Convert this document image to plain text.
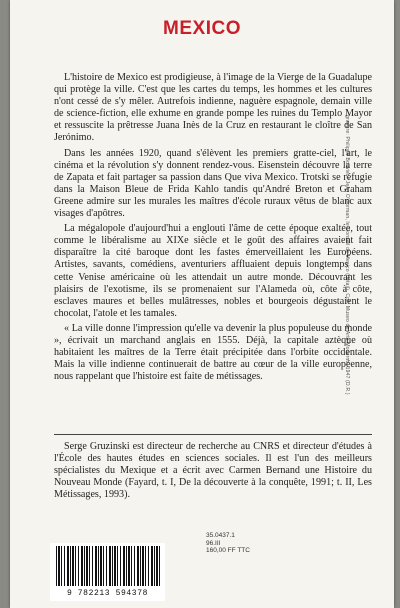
MEXICO
gravure: Philippe Bouvier / Jean O'Gorman, le Conseil de Mexico (détail), Coll. Museo de Arte Moderno, 1947 (D.R.)

L'histoire de Mexico est prodigieuse, à l'image de la Vierge de la Guadalupe qui protège la ville. C'est que les cartes du temps, les hommes et les cultures n'ont cessé de s'y mêler. Autrefois indienne, naguère espagnole, demain ville de science-fiction, elle exhume en grande pompe les ruines du Templo Mayor et ressuscite la prêtresse Juana Inès de la Cruz en restaurant le cloître de San Jerónimo.

Dans les années 1920, quand s'élèvent les premiers gratte-ciel, l'art, le cinéma et la révolution s'y donnent rendez-vous. Eisenstein découvre la terre de Zapata et fait partager sa passion dans Que viva Mexico. Trotski se réfugie dans la Maison Bleue de Frida Kahlo tandis qu'André Breton et Graham Greene admire sur les murales les maîtres d'école ruraux vêtus de blanc aux visages d'apôtres.

La mégalopole d'aujourd'hui a englouti l'âme de cette époque exaltée, tout comme le libéralisme au XIXe siècle et le goût des affaires avaient fait disparaître la cité baroque dont les fastes émerveillaient les Européens. Artistes, savants, comédiens, aventuriers affluaient depuis longtemps dans cette Venise américaine où les attendait un autre monde. Découvrant les plaisirs de l'exotisme, ils se promenaient sur l'Alameda où, côte à côte, esclaves maures et belles mulâtresses, nobles et bourgeois dégustaient le chocolat, l'atole et les tamales.

« La ville donne l'impression qu'elle va devenir la plus populeuse du monde », écrivait un marchand anglais en 1555. Déjà, la capitale aztèque où habitaient les maîtres de la Terre était précipitée dans l'orbite occidentale. Mais la ville indienne continuerait de battre au cœur de la ville européenne, nous rappelant que l'histoire est faite de métissages.

Serge Gruzinski est directeur de recherche au CNRS et directeur d'études à l'École des hautes études en sciences sociales. Il est l'un des meilleurs spécialistes du Mexique et a écrit avec Carmen Bernand une Histoire du Nouveau Monde (Fayard, t. I, De la découverte à la conquête, 1991; t. II, Les Métissages, 1993).

35.0437.1
96.III
160,00 FF TTC
9 782213 594378
